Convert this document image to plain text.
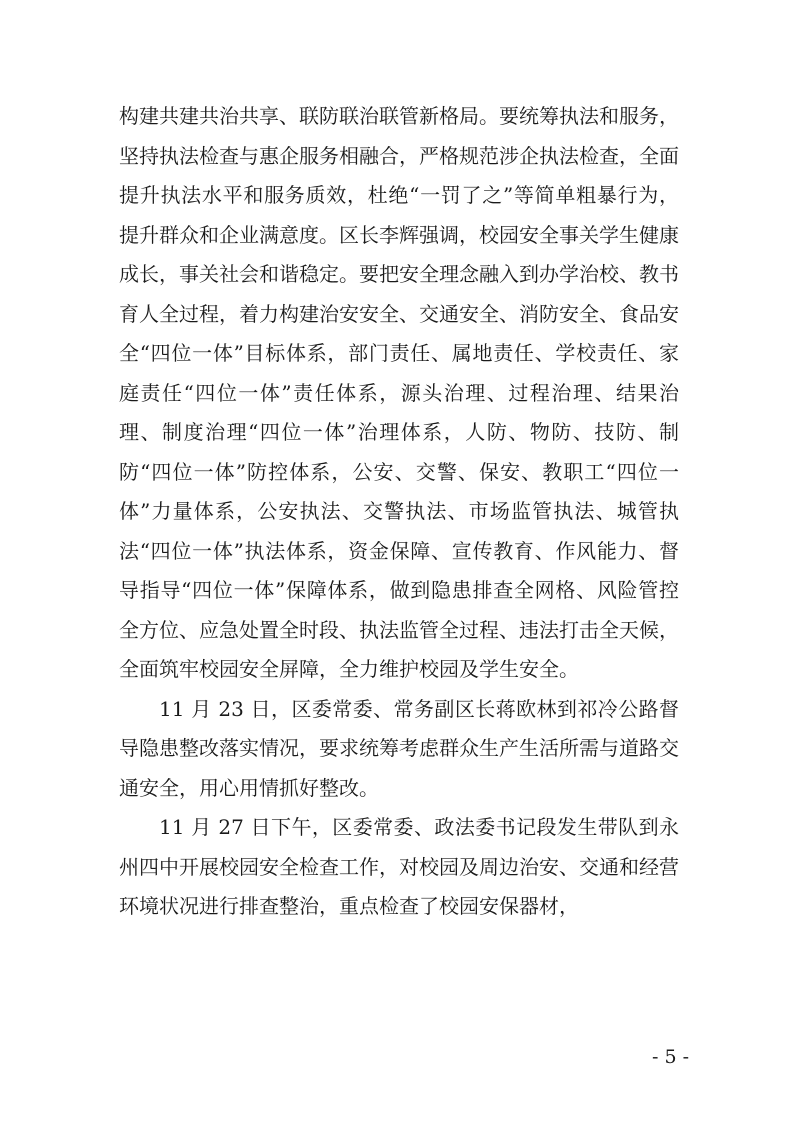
构建共建共治共享、联防联治联管新格局。要统筹执法和服务，坚持执法检查与惠企服务相融合，严格规范涉企执法检查，全面提升执法水平和服务质效，杜绝“一罚了之”等简单粗暴行为，提升群众和企业满意度。区长李辉强调，校园安全事关学生健康成长，事关社会和谐稳定。要把安全理念融入到办学治校、教书育人全过程，着力构建治安安全、交通安全、消防安全、食品安全“四位一体”目标体系，部门责任、属地责任、学校责任、家庭责任“四位一体”责任体系，源头治理、过程治理、结果治理、制度治理“四位一体”治理体系，人防、物防、技防、制防“四位一体”防控体系，公安、交警、保安、教职工“四位一体”力量体系，公安执法、交警执法、市场监管执法、城管执法“四位一体”执法体系，资金保障、宣传教育、作风能力、督导指导“四位一体”保障体系，做到隐患排查全网格、风险管控全方位、应急处置全时段、执法监管全过程、违法打击全天候，全面筑牢校园安全屏障，全力维护校园及学生安全。

11 月 23 日，区委常委、常务副区长蒋欧林到祁冷公路督导隐患整改落实情况，要求统筹考虑群众生产生活所需与道路交通安全，用心用情抓好整改。

11 月 27 日下午，区委常委、政法委书记段发生带队到永州四中开展校园安全检查工作，对校园及周边治安、交通和经营环境状况进行排查整治，重点检查了校园安保器材，

- 5 -
